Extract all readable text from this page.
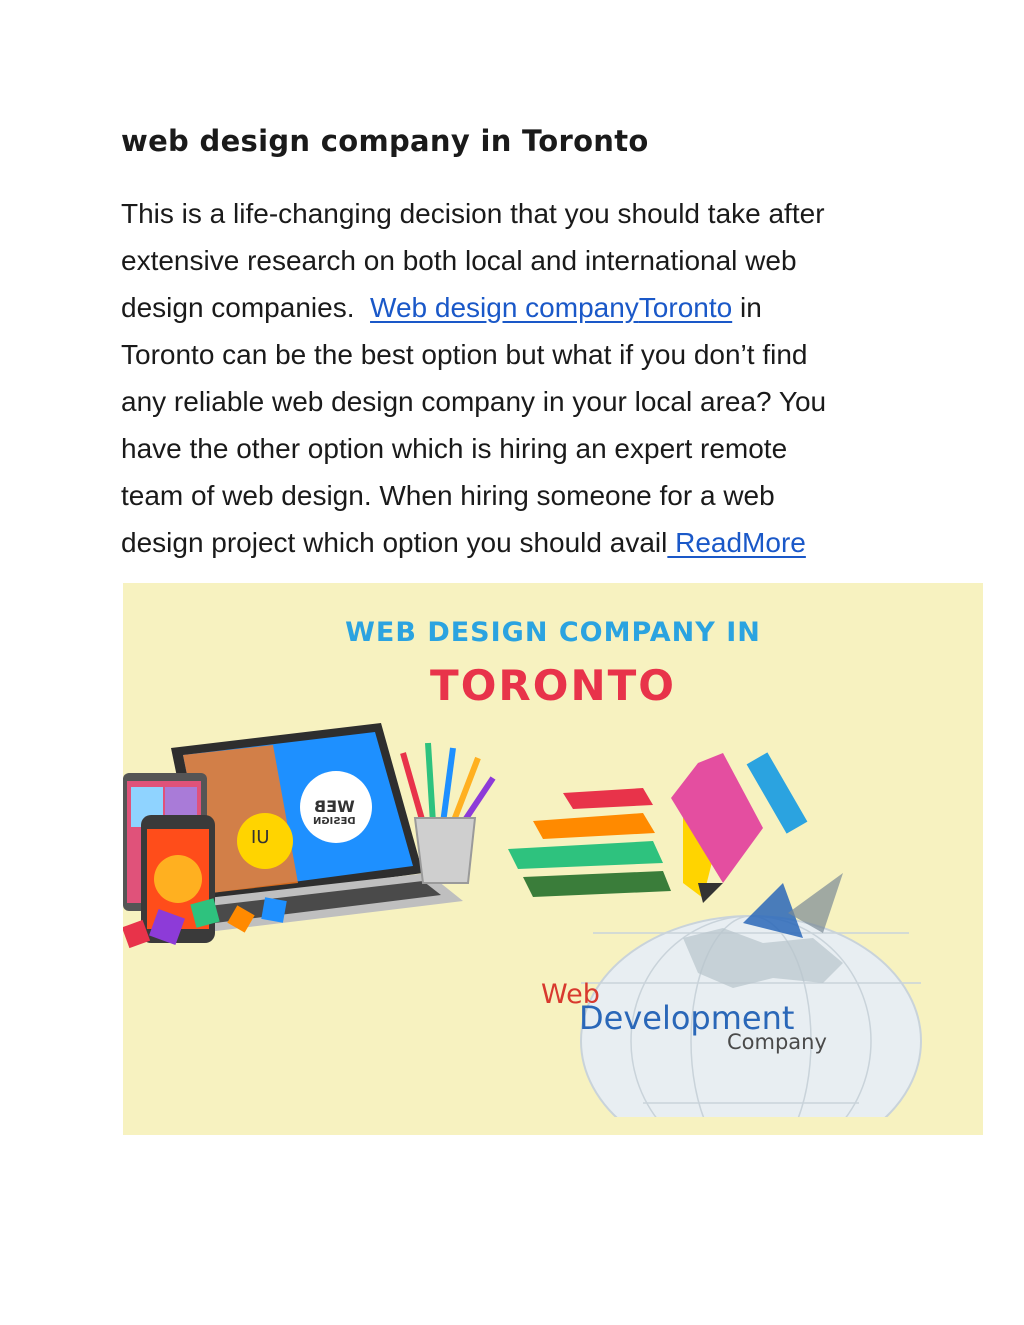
web design company in Toronto

This is a life-changing decision that you should take after
extensive research on both local and international web
design companies.  Web design companyToronto in
Toronto can be the best option but what if you don’t find
any reliable web design company in your local area? You
have the other option which is hiring an expert remote
team of web design. When hiring someone for a web
design project which option you should avail ReadMore

WEB DESIGN COMPANY IN
TORONTO
WEB
DESIGN
UI
Web
Development
Company
